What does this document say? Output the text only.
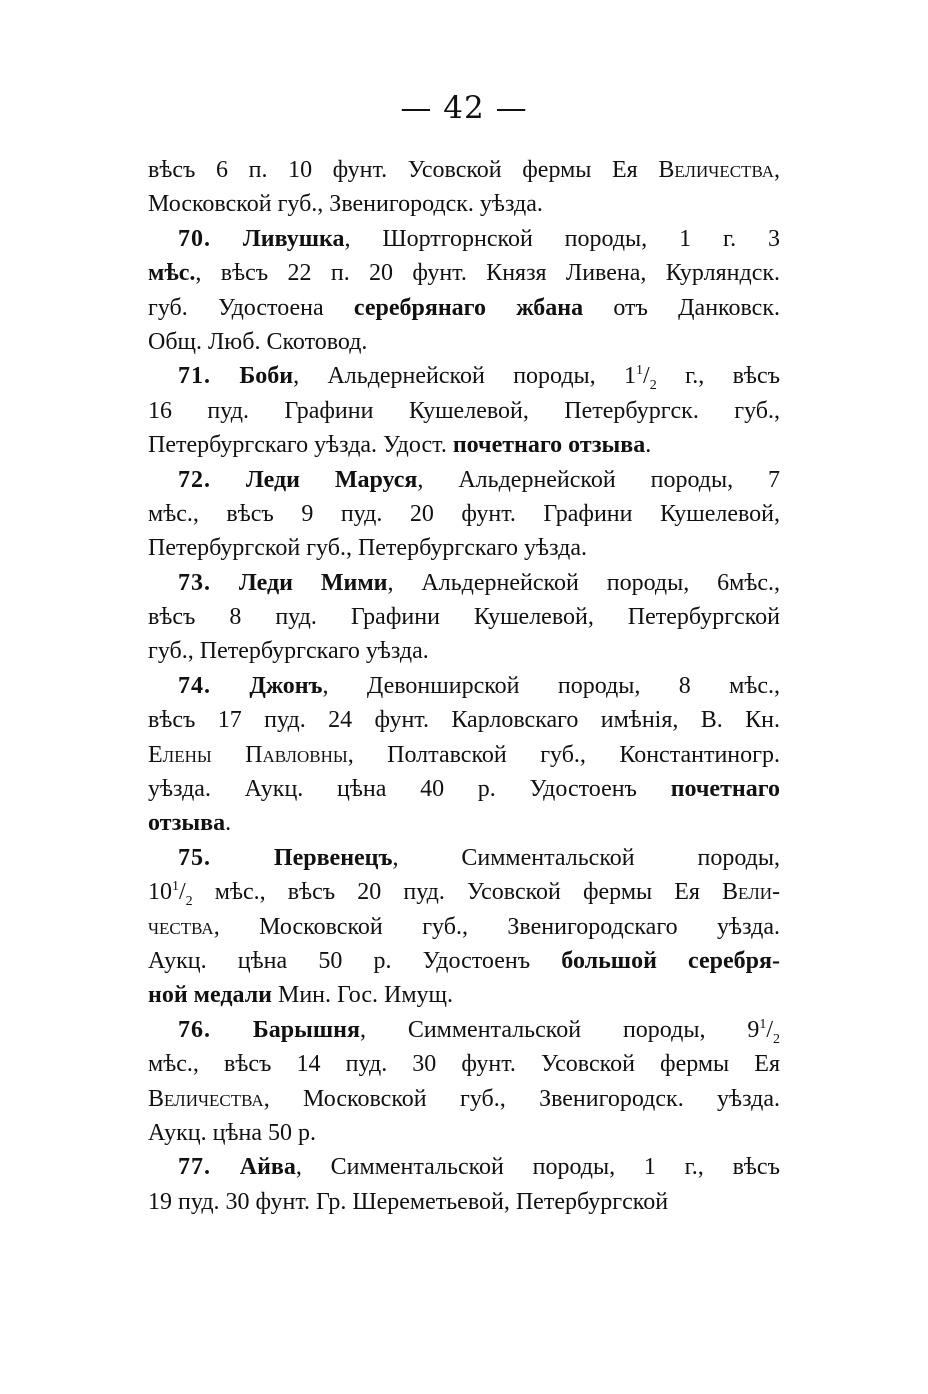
— 42 —
вѣсъ 6 п. 10 фунт. Усовской фермы Ея Величества,
Московской губ., Звенигородск. уѣзда.
70. Ливушка, Шортгорнской породы, 1 г. 3
мѣс., вѣсъ 22 п. 20 фунт. Князя Ливена, Курляндск.
губ. Удостоена серебрянаго жбана отъ Данковск.
Общ. Люб. Скотовод.
71. Боби, Альдернейской породы, $1^1/_2$ г., вѣсъ
16 пуд. Графини Кушелевой, Петербургск. губ.,
Петербургскаго уѣзда. Удост. почетнаго отзыва.
72. Леди Маруся, Альдернейской породы, 7
мѣс., вѣсъ 9 пуд. 20 фунт. Графини Кушелевой,
Петербургской губ., Петербургскаго уѣзда.
73. Леди Мими, Альдернейской породы, 6мѣс.,
вѣсъ 8 пуд. Графини Кушелевой, Петербургской
губ., Петербургскаго уѣзда.
74. Джонъ, Девонширской породы, 8 мѣс.,
вѣсъ 17 пуд. 24 фунт. Карловскаго имѣнія, В. Кн.
Елены Павловны, Полтавской губ., Константиногр.
уѣзда. Аукц. цѣна 40 р. Удостоенъ почетнаго
отзыва.
75.	Первенецъ, Симментальской породы,
$10^1/_2$ мѣс., вѣсъ 20 пуд. Усовской фермы Ея Вели-
чества, Московской губ., Звенигородскаго уѣзда.
Аукц. цѣна 50 р. Удостоенъ большой серебря-
ной медали Мин. Гос. Имущ.
76. Барышня, Симментальской породы, $9^1/_2$
мѣс., вѣсъ 14 пуд. 30 фунт. Усовской фермы Ея
Величества, Московской губ., Звенигородск. уѣзда.
Аукц. цѣна 50 р.
77. Айва, Симментальской породы, 1 г., вѣсъ
19 пуд. 30 фунт. Гр. Шереметьевой, Петербургской
